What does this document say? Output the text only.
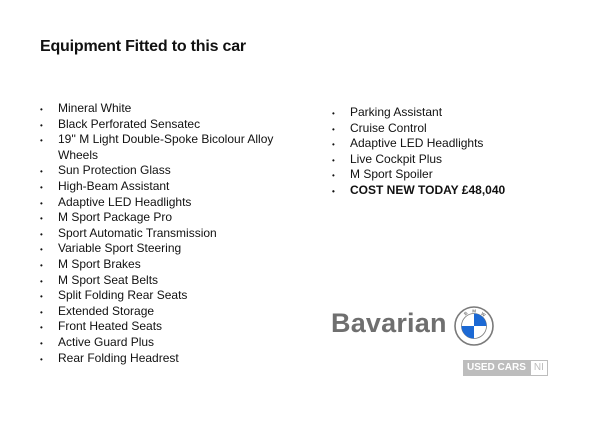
Equipment Fitted to this car
• Mineral White
• Black Perforated Sensatec
• 19'' M Light Double-Spoke Bicolour Alloy Wheels
• Sun Protection Glass
• High-Beam Assistant
• Adaptive LED Headlights
• M Sport Package Pro
• Sport Automatic Transmission
• Variable Sport Steering
• M Sport Brakes
• M Sport Seat Belts
• Split Folding Rear Seats
• Extended Storage
• Front Heated Seats
• Active Guard Plus
• Rear Folding Headrest
• Parking Assistant
• Cruise Control
• Adaptive LED Headlights
• Live Cockpit Plus
• M Sport Spoiler
• COST NEW TODAY £48,040
Bavarian	B M
W
USED CARS NI
